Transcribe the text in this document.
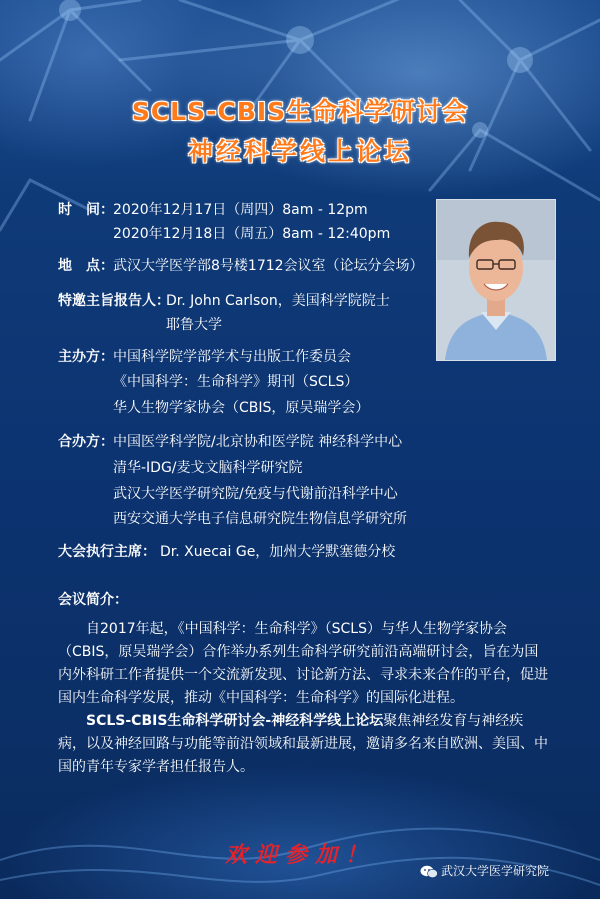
SCLS-CBIS生命科学研讨会
神经科学线上论坛
时　间： 2020年12月17日（周四）8am - 12pm
2020年12月18日（周五）8am - 12:40pm
地　点： 武汉大学医学部8号楼1712会议室（论坛分会场）
特邀主旨报告人：
Dr. John Carlson，美国科学院院士
耶鲁大学
主办方： 中国科学院学部学术与出版工作委员会
《中国科学：生命科学》期刊（SCLS）
华人生物学家协会（CBIS，原吴瑞学会）
合办方： 中国医学科学院/北京协和医学院 神经科学中心
清华-IDG/麦戈文脑科学研究院
武汉大学医学研究院/免疫与代谢前沿科学中心
西安交通大学电子信息研究院生物信息学研究所
大会执行主席： Dr. Xuecai Ge，加州大学默塞德分校
会议简介：

自2017年起，《中国科学：生命科学》（SCLS）与华人生物学家协会（CBIS，原吴瑞学会）合作举办系列生命科学研究前沿高端研讨会，旨在为国内外科研工作者提供一个交流新发现、讨论新方法、寻求未来合作的平台，促进国内生命科学发展，推动《中国科学：生命科学》的国际化进程。

SCLS-CBIS生命科学研讨会-神经科学线上论坛聚焦神经发育与神经疾病，以及神经回路与功能等前沿领域和最新进展，邀请多名来自欧洲、美国、中国的青年专家学者担任报告人。

欢迎参加！
武汉大学医学研究院
